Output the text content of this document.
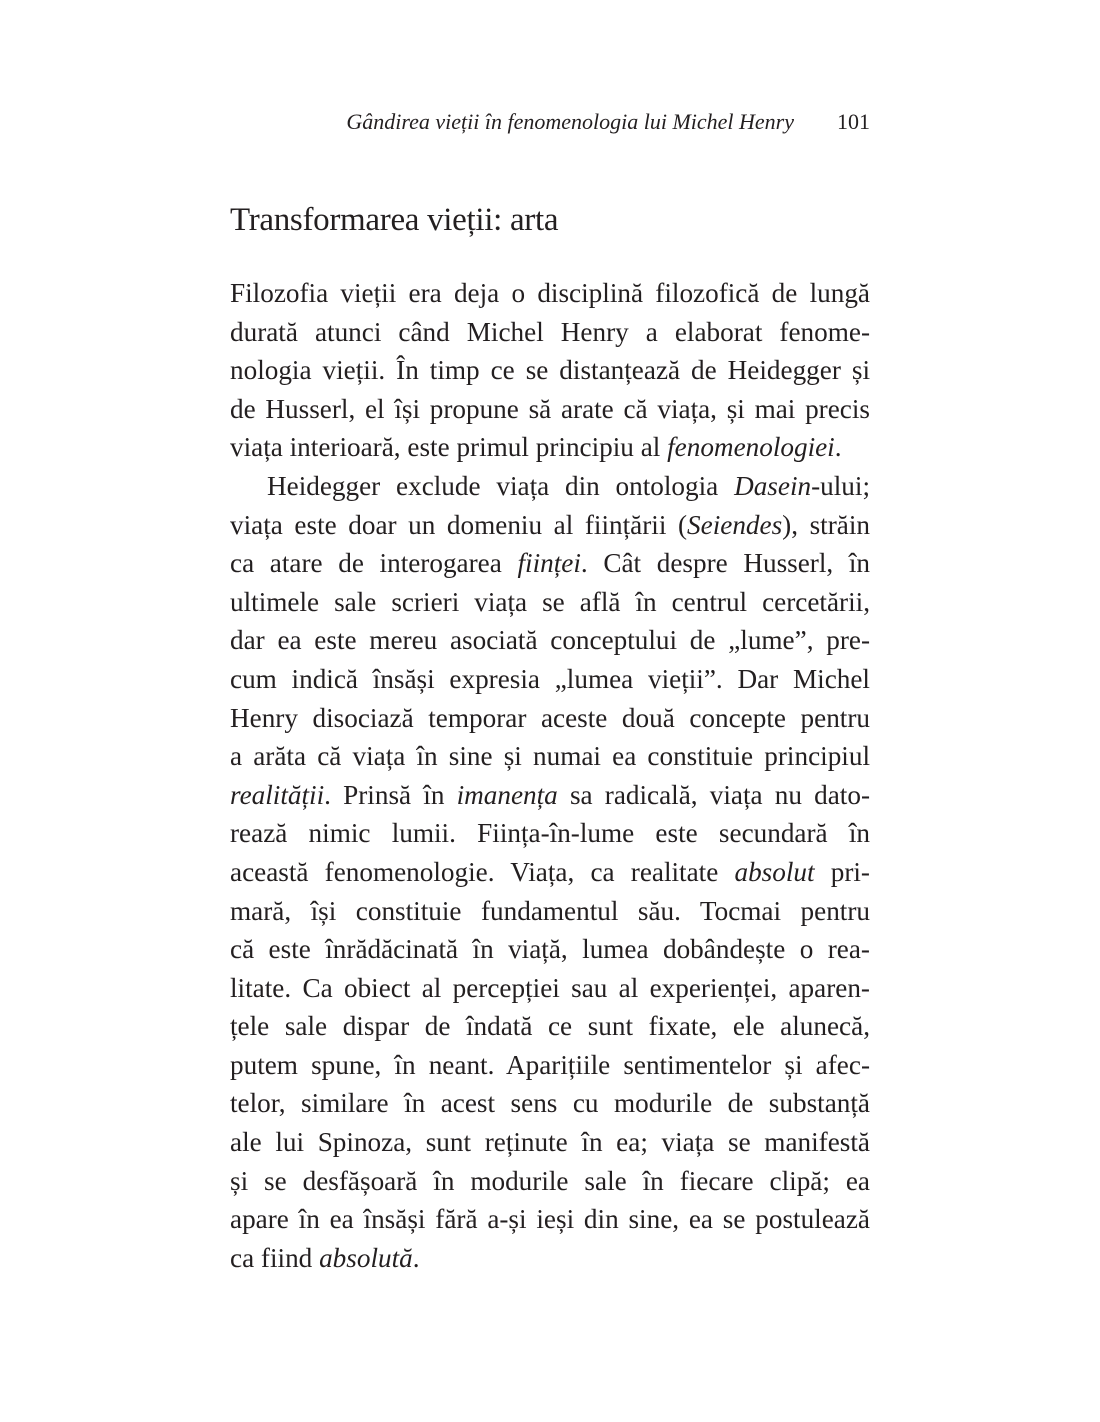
Gândirea vieții în fenomenologia lui Michel Henry 101
Transformarea vieții: arta
Filozofia vieții era deja o disciplină filozofică de lungă
durată atunci când Michel Henry a elaborat fenome-
nologia vieții. În timp ce se distanțează de Heidegger și
de Husserl, el își propune să arate că viața, și mai precis
viața interioară, este primul principiu al fenomenologiei.
Heidegger exclude viața din ontologia Dasein-ului;
viața este doar un domeniu al ființării (Seiendes), străin
ca atare de interogarea ființei. Cât despre Husserl, în
ultimele sale scrieri viața se află în centrul cercetării,
dar ea este mereu asociată conceptului de „lume”, pre-
cum indică însăși expresia „lumea vieții”. Dar Michel
Henry disociază temporar aceste două concepte pentru
a arăta că viața în sine și numai ea constituie principiul
realității. Prinsă în imanența sa radicală, viața nu dato-
rează nimic lumii. Ființa-în-lume este secundară în
această fenomenologie. Viața, ca realitate absolut pri-
mară, își constituie fundamentul său. Tocmai pentru
că este înrădăcinată în viață, lumea dobândește o rea-
litate. Ca obiect al percepției sau al experienței, aparen-
țele sale dispar de îndată ce sunt fixate, ele alunecă,
putem spune, în neant. Aparițiile sentimentelor și afec-
telor, similare în acest sens cu modurile de substanță
ale lui Spinoza, sunt reținute în ea; viața se manifestă
și se desfășoară în modurile sale în fiecare clipă; ea
apare în ea însăși fără a-și ieși din sine, ea se postulează
ca fiind absolută.
